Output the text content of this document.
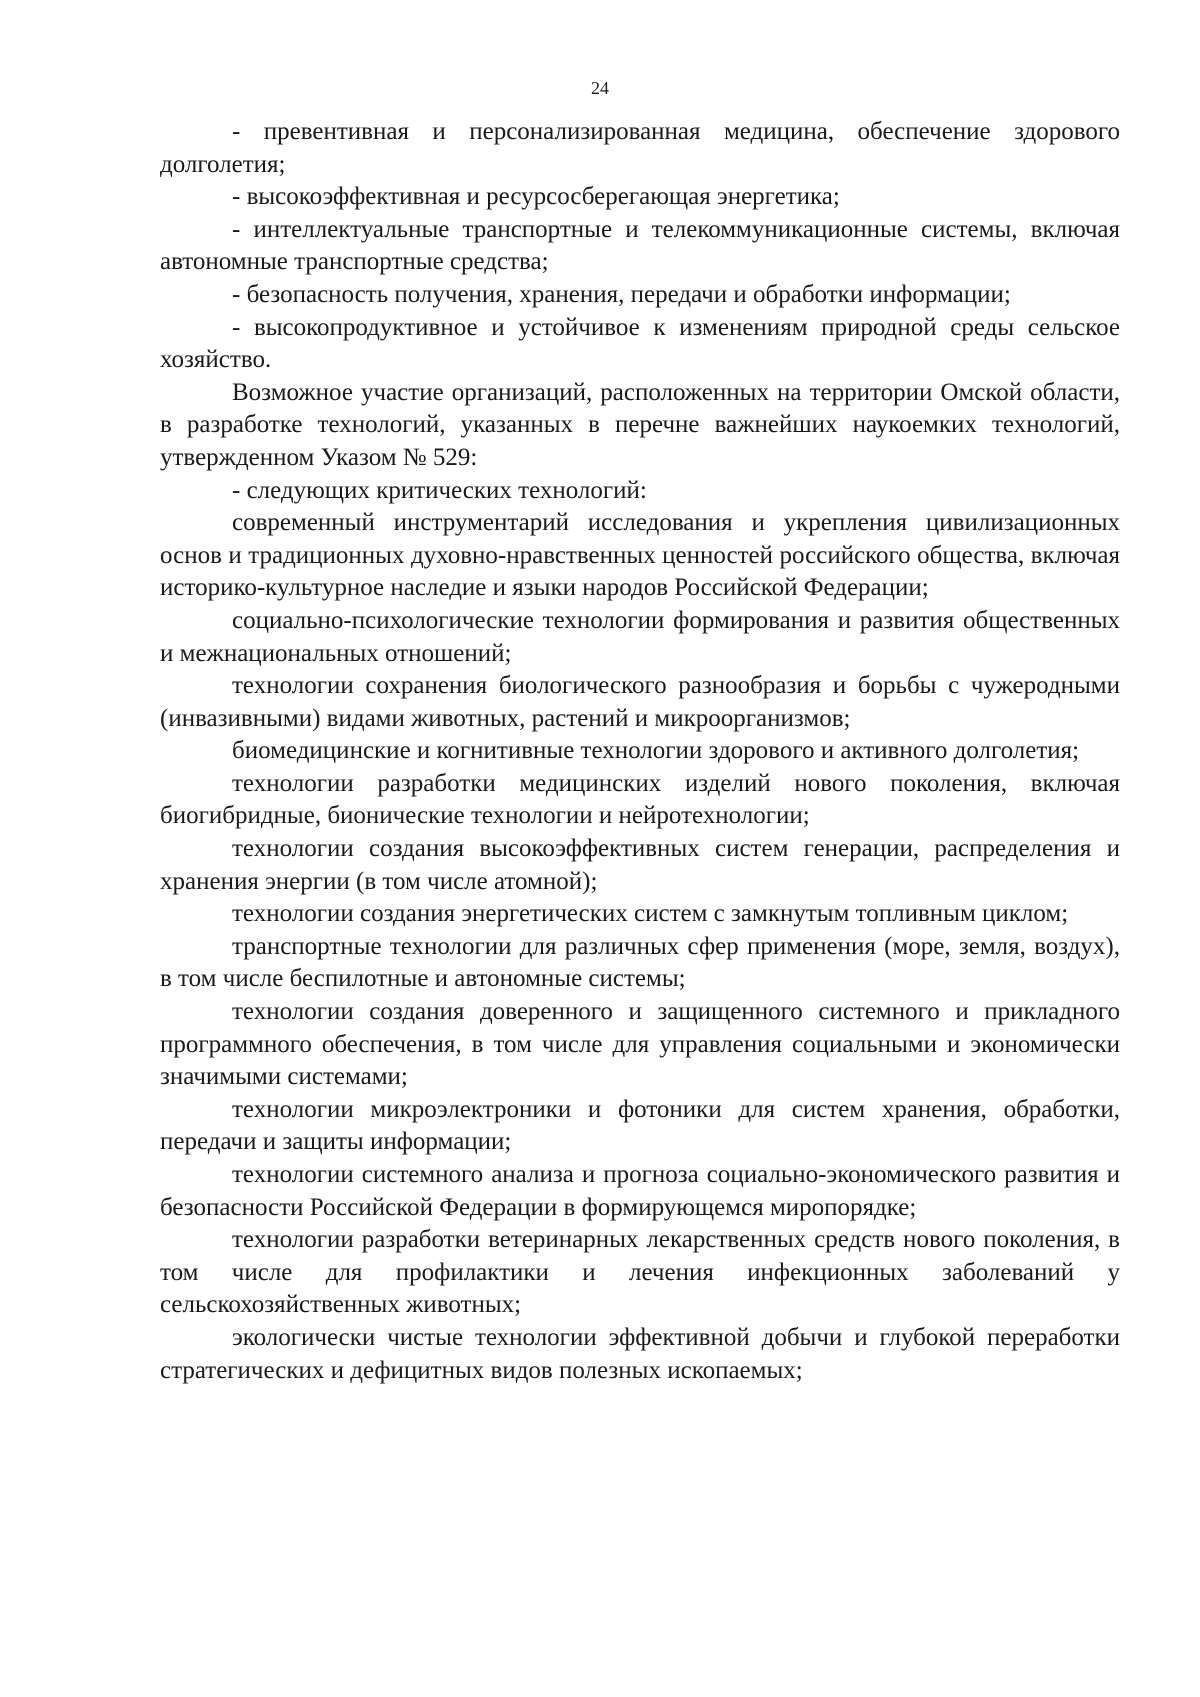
24

- превентивная и персонализированная медицина, обеспечение здорового долголетия;

- высокоэффективная и ресурсосберегающая энергетика;

- интеллектуальные транспортные и телекоммуникационные системы, включая автономные транспортные средства;

- безопасность получения, хранения, передачи и обработки информации;

- высокопродуктивное и устойчивое к изменениям природной среды сельское хозяйство.

Возможное участие организаций, расположенных на территории Омской области, в разработке технологий, указанных в перечне важнейших наукоемких технологий, утвержденном Указом № 529:

- следующих критических технологий:

современный инструментарий исследования и укрепления цивилизационных основ и традиционных духовно-нравственных ценностей российского общества, включая историко-культурное наследие и языки народов Российской Федерации;

социально-психологические технологии формирования и развития общественных и межнациональных отношений;

технологии сохранения биологического разнообразия и борьбы с чужеродными (инвазивными) видами животных, растений и микроорганизмов;

биомедицинские и когнитивные технологии здорового и активного долголетия;

технологии разработки медицинских изделий нового поколения, включая биогибридные, бионические технологии и нейротехнологии;

технологии создания высокоэффективных систем генерации, распределения и хранения энергии (в том числе атомной);

технологии создания энергетических систем с замкнутым топливным циклом;

транспортные технологии для различных сфер применения (море, земля, воздух), в том числе беспилотные и автономные системы;

технологии создания доверенного и защищенного системного и прикладного программного обеспечения, в том числе для управления социальными и экономически значимыми системами;

технологии микроэлектроники и фотоники для систем хранения, обработки, передачи и защиты информации;

технологии системного анализа и прогноза социально-экономического развития и безопасности Российской Федерации в формирующемся миропорядке;

технологии разработки ветеринарных лекарственных средств нового поколения, в том числе для профилактики и лечения инфекционных заболеваний у сельскохозяйственных животных;

экологически чистые технологии эффективной добычи и глубокой переработки стратегических и дефицитных видов полезных ископаемых;
